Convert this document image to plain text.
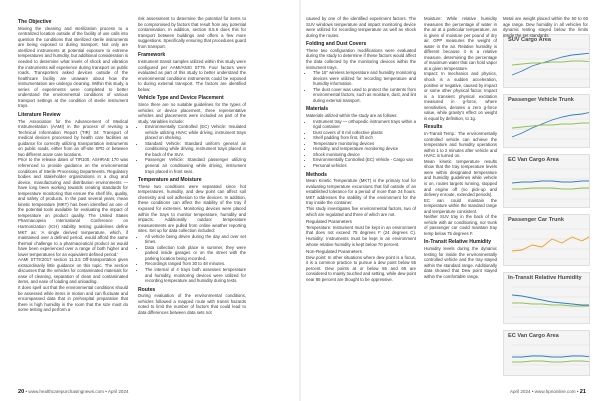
The Objective

Moving the cleaning and sterilization process to a centralized location outside of the facility of use calls into question the conditions that sterilized sterile instruments are being exposed to during transport. Not only are sterilized instruments at potential exposure to extreme temperatures and humidity, but additional consideration is needed to determine what levels of shock and vibration the instruments will experience during transport on public roads. Transporters asked devices outside of the healthcare facility are unaware about how the instrumentation are undergo cleaning. Within this study, a series of experiments were completed to better understand the environmental conditions of various transport settings at the condition of sterile instrument trays.

Literature Review

The Association for the Advancement of Medical Instrumentation (AAMI) in the process of revising a Technical Information Report (TIR) 34: Transport of medical devices processed by health care facilities as guidance for correctly utilizing transportation instruments on public roads, either from an off-site SPD or between two different acute care locations.

Prior to the release dates of TIR100, ASHRAE 170 was referenced to provide guidance on the environmental conditions of Sterile Processing Departments. Regulatory bodies and stakeholder organizations in a drug and device, manufacturing and distribution environments — have long been working towards creating standards for temperature monitoring that ensure the shelf life, quality, and safety of products. In the past several years, mean kinetic temperature (MKT) has been identified as one of the potential tools available for evaluating the impact of temperature on product quality. The United States Pharmacopeia International Conference on Harmonization (ICH) stability testing guidelines define MKT as: 'A single derived temperature, which, if maintained over a defined period, would afford the same thermal challenge to a pharmaceutical product as would have been experienced over a range of both higher and lower temperatures for an equivalent defined period.'

AAMI ST79:2017 section 11.3.5 Off-transportation gives extraordinarily little guidance on this topic. The section discusses that the vehicles for contaminated materials for ease of cleaning, separation of clean and contaminated items, and ease of loading and unloading.

It does spell out that the environmental conditions should be assessed while items in motion and can fluctuate and encompassed data that in prehospital preparation that there is high humidity in the room that the size must do some testing and perform a

risk assessment to determine the potential for items to be compromised by factors that result from any potential contamination. In addition, section 8.5.6 does this for transport between buildings and offers a few more suggestions. Specifically ensuring that procedures guard from transport.

Framework

Instrument transit samples utilized within this study were configured per AAMI/ANSI ST79. Four factors were evaluated as part of this study to better understand the environmental conditions instruments could be exposed to during external transport. The factors are identified below:

Vehicle Type and Device Placement

Since there are no suitable guidelines for the types of vehicles or device placement, three representative vehicles and placements were included as part of the study. Variables include:

• Environmentally Controlled (EC) Vehicle: Insulated vehicle utilizing HVAC while driving, instrument trays placed on shelving.
• Standard Vehicle: Standard uniform general air conditioning while driving, instrument trays placed in the back of the SUV.
• Passenger Vehicle: Standard passenger utilizing general air conditioning while driving, instrument trays placed in front seat.
Temperature and Moisture

These two conditions were separated since hot temperatures, humidity, and dew point can affect soil chemistry and soil adhesion to the devices. In addition, these conditions can affect the stability of the tray if exposed for extremes. Monitoring devices were placed within the trays to monitor temperature, humidity and impacts. Additionally outdoor temperature measurements are pulled from online weather reporting sites. Set up for data collection included:

• All vehicle being driven during the day and over set times.
• Data collection took place in summer, they were parked inside garages or on the street with the parking location being recorded.
• Recordings ranged from 30 to 48 minutes.
• The internal of 4 trays both assesses temperature and humidity, monitoring devices were utilized for recording temperature and humidity during tests.
Routes

During evaluation of the environmental conditions, vehicles followed a mapped route with transit hazards noted to limit the number of factors that could lead to data differences between data sets not

20 • www.healthcarepurchasingnews.com • April 2024

caused by one of the identified experiment factors. The SUV windows temperature and impact monitoring device were utilized for recording temperature as well as shock during the routes.

Folding and Dust Covers

These two configuration modifications were evaluated during the study to determine if these factors would affect the data collected by the monitoring devices within the instrument trays.

• The 16" wireless temperature and humidity monitoring devices were utilized for recording temperature and humidity information.
• The dust cover was used to protect the contents from environmental factors, such as moisture, dust, and lint during external transport.
Materials

Materials utilized within the study are as follows:

• Instrument tray — orthopedic instrument trays within a rigid container
• Dust covers of 8 mil collective plastic
• Shelf padding from first, lift inch
• Temperature monitoring devices
• Humidity, and temperature monitoring device
• Shock monitoring device
• Environmentally Controlled (EC) Vehicle - Cargo van
• Personal vehicles
Methods

Mean Kinetic Temperature (MKT) is the primary tool for evaluating temperature excursions that fall outside of an established tolerance for a period of more than 24 hours. MKT addresses the stability of the environment for the tray inside the container.

This study investigates five environmental factors, two of which are regulated and three of which are not.

Regulated Parameters

Temperature: Instrument must be kept in an environment that does not exceed 75 degrees F (24 degrees C). Humidity: Instruments must be kept in an environment whose relative humidity is kept below 70 percent.

Non-Regulated Parameters

Dew point: In other situations where dew point is a focus, it is a common practice to pursue a dew point below 55 percent. Dew points at or below 55 and 65 are considered to mainly touched and setting, while dew point near 85 percent are thought to be oppressive.

SUV Cargo Area
Passenger Vehicle Trunk
EC Van Cargo Area
Passenger Car Trunk
In-Transit Relative Humidity
EC Van Cargo Area

Moisture: While relative humidity measures the percentage of water in the air at a particular temperature, an is given of moisture per pound of dry air. GPP measures the weight of water in the air. Relative humidity is different because it is a relative measure, determining the percentage of maximum water that can hold vapor at a given temperature.

Impact: In mechanics and physics, shock is a sudden acceleration, positive or negative, caused by impact or some other physical factor. Impact is a transient physical excitation measured in g-force, where sensitivities, denotes a zero g-force value, while gravity's effect on weight is equal by definition, to 1g.

Results

In-Transit Temp.: The environmentally controlled vehicle can achieve the temperature and humidity operations within 1 to 2 minutes after vehicle and HVAC is turned on.

Mean kinetic temperature results show that the tray temperature levels were within designated temperature and humidity guidelines while vehicle is on, routes targets running, stopped and engine off (no pick-up and delivery enroute, extended periods).

EC van could maintain the temperature within the standard range and temperature consistent.

Neither SUV tray in the back of the vehicle with air conditioning, nor trunk of passenger car could maintain tray temp below 75 degrees F.

In-Transit Relative Humidity

Humidity levels during the dynamic testing for inside the environmentally controlled vehicle and the tray stayed within the standard range. Additionally data showed that Dew point stayed within the comfortable range.

Metal are weight placed within the 50 to 60 age range. Dew humidity in all vehicles for dynamic testing stayed below the limits inside the set standards.

April 2024 • www.hpnonline.com • 21
